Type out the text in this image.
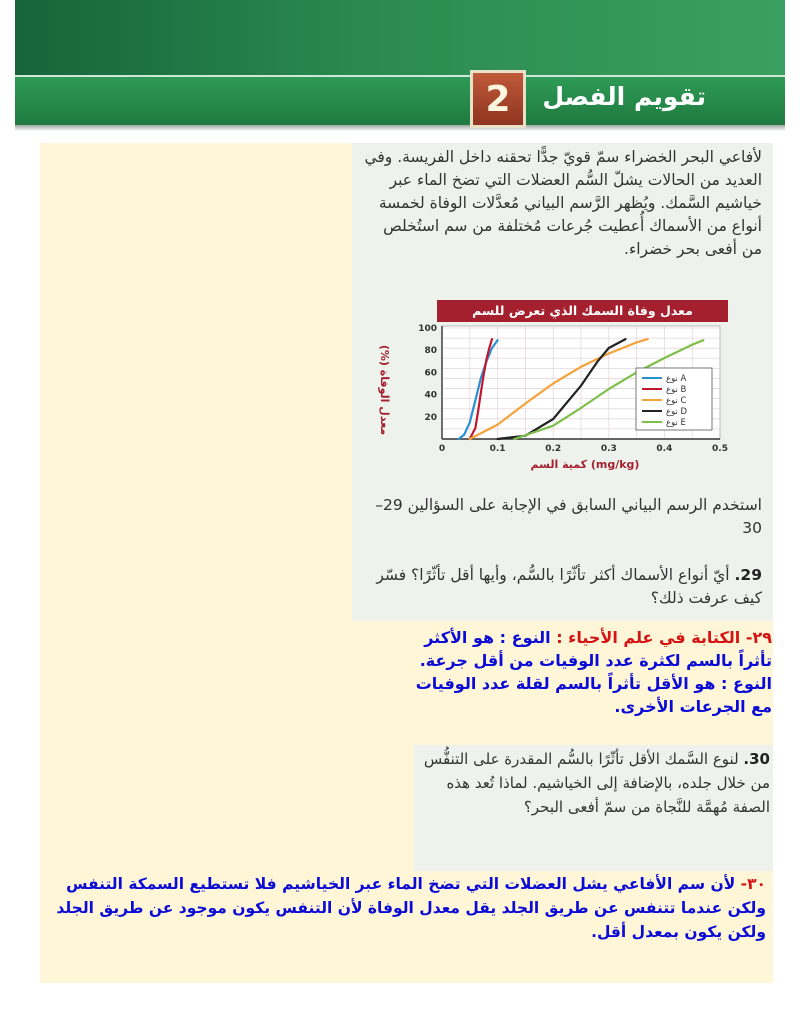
تقويم الفصل
2
لأفاعي البحر الخضراء سمّ قويّ جدًّا تحقنه داخل الفريسة. وفي العديد من الحالات يشلّ السُّم العضلات التي تضخ الماء عبر خياشيم السَّمك. ويُظهر الرَّسم البياني مُعدَّلات الوفاة لخمسة أنواع من الأسماك أُعطيت جُرعات مُختلفة من سم استُخلص من أفعى بحر خضراء.
معدل وفاة السمك الذي تعرض للسم
0	0.1	0.2	0.3	0.4	0.5
20
40
60
80
100
نوع A
نوع B
نوع C
نوع D
نوع E
معدل الوفاة (%)
كمية السم (mg/kg)
استخدم الرسم البياني السابق في الإجابة على السؤالين 29–30
29. أيّ أنواع الأسماك أكثر تأثّرًا بالسُّم، وأيها أقل تأثّرًا؟ فسّر كيف عرفت ذلك؟
٢٩- الكتابة في علم الأحياء : النوع : هو الأكثر
تأثراً بالسم لكثرة عدد الوفيات من أقل جرعة.
النوع : هو الأقل تأثراً بالسم لقلة عدد الوفيات
مع الجرعات الأخرى.
30. لنوع السَّمك الأقل تأثّرًا بالسُّم المقدرة على التنفُّس من خلال جلده، بالإضافة إلى الخياشيم. لماذا تُعد هذه الصفة مُهمَّة للنَّجاة من سمّ أفعى البحر؟
٣٠- لأن سم الأفاعي يشل العضلات التي تضخ الماء عبر الخياشيم فلا تستطيع السمكة التنفس ولكن عندما تتنفس عن طريق الجلد يقل معدل الوفاة لأن التنفس يكون موجود عن طريق الجلد ولكن يكون بمعدل أقل.
